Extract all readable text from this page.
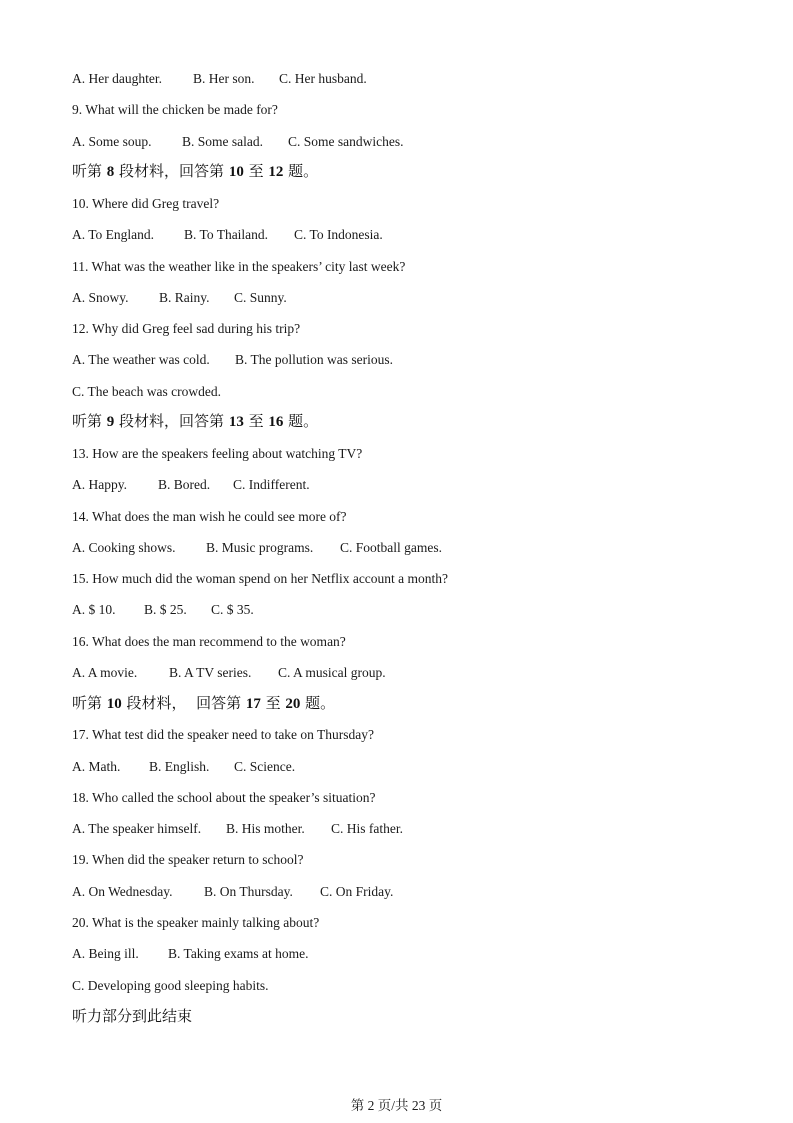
A. Her daughter. B. Her son. C. Her husband.
9. What will the chicken be made for?
A. Some soup. B. Some salad. C. Some sandwiches.
听第 8 段材料，回答第 10 至 12 题。
10. Where did Greg travel?
A. To England. B. To Thailand. C. To Indonesia.
11. What was the weather like in the speakers’ city last week?
A. Snowy. B. Rainy. C. Sunny.
12. Why did Greg feel sad during his trip?
A. The weather was cold. B. The pollution was serious.
C. The beach was crowded.
听第 9 段材料，回答第 13 至 16 题。
13. How are the speakers feeling about watching TV?
A. Happy. B. Bored. C. Indifferent.
14. What does the man wish he could see more of?
A. Cooking shows. B. Music programs. C. Football games.
15. How much did the woman spend on her Netflix account a month?
A. $ 10. B. $ 25. C. $ 35.
16. What does the man recommend to the woman?
A. A movie. B. A TV series. C. A musical group.
听第 10 段材料，  回答第 17 至 20 题。
17. What test did the speaker need to take on Thursday?
A. Math. B. English. C. Science.
18. Who called the school about the speaker’s situation?
A. The speaker himself. B. His mother. C. His father.
19. When did the speaker return to school?
A. On Wednesday. B. On Thursday. C. On Friday.
20. What is the speaker mainly talking about?
A. Being ill. B. Taking exams at home.
C. Developing good sleeping habits.
听力部分到此结束
第 2 页/共 23 页
